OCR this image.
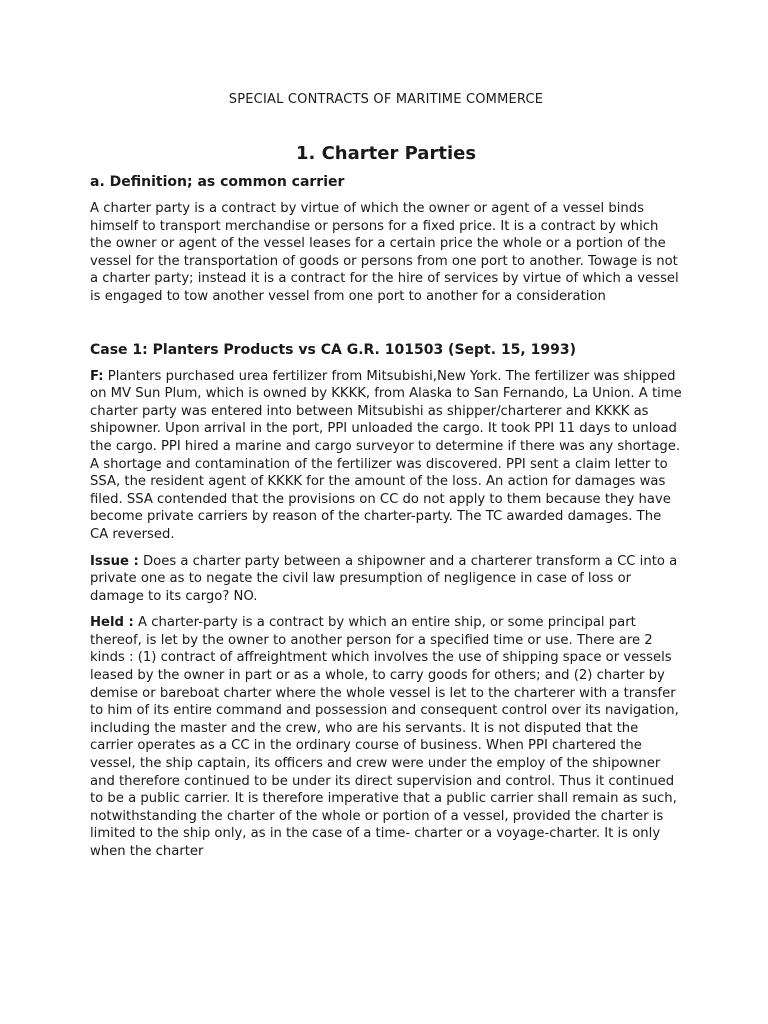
SPECIAL CONTRACTS OF MARITIME COMMERCE
1. Charter Parties
a. Definition; as common carrier

A charter party is a contract by virtue of which the owner or agent of a vessel binds himself to transport merchandise or persons for a fixed price. It is a contract by which the owner or agent of the vessel leases for a certain price the whole or a portion of the vessel for the transportation of goods or persons from one port to another. Towage is not a charter party; instead it is a contract for the hire of services by virtue of which a vessel is engaged to tow another vessel from one port to another for a consideration

Case 1: Planters Products vs CA G.R. 101503 (Sept. 15, 1993)

F: Planters purchased urea fertilizer from Mitsubishi,New York. The fertilizer was shipped on MV Sun Plum, which is owned by KKKK, from Alaska to San Fernando, La Union. A time charter party was entered into between Mitsubishi as shipper/charterer and KKKK as shipowner. Upon arrival in the port, PPI unloaded the cargo. It took PPI 11 days to unload the cargo. PPI hired a marine and cargo surveyor to determine if there was any shortage. A shortage and contamination of the fertilizer was discovered. PPI sent a claim letter to SSA, the resident agent of KKKK for the amount of the loss. An action for damages was filed. SSA contended that the provisions on CC do not apply to them because they have become private carriers by reason of the charter-party. The TC awarded damages. The CA reversed.

Issue : Does a charter party between a shipowner and a charterer transform a CC into a private one as to negate the civil law presumption of negligence in case of loss or damage to its cargo? NO.

Held : A charter-party is a contract by which an entire ship, or some principal part thereof, is let by the owner to another person for a specified time or use. There are 2 kinds : (1) contract of affreightment which involves the use of shipping space or vessels leased by the owner in part or as a whole, to carry goods for others; and (2) charter by demise or bareboat charter where the whole vessel is let to the charterer with a transfer to him of its entire command and possession and consequent control over its navigation, including the master and the crew, who are his servants. It is not disputed that the carrier operates as a CC in the ordinary course of business. When PPI chartered the vessel, the ship captain, its officers and crew were under the employ of the shipowner and therefore continued to be under its direct supervision and control. Thus it continued to be a public carrier. It is therefore imperative that a public carrier shall remain as such, notwithstanding the charter of the whole or portion of a vessel, provided the charter is limited to the ship only, as in the case of a time- charter or a voyage-charter. It is only when the charter
